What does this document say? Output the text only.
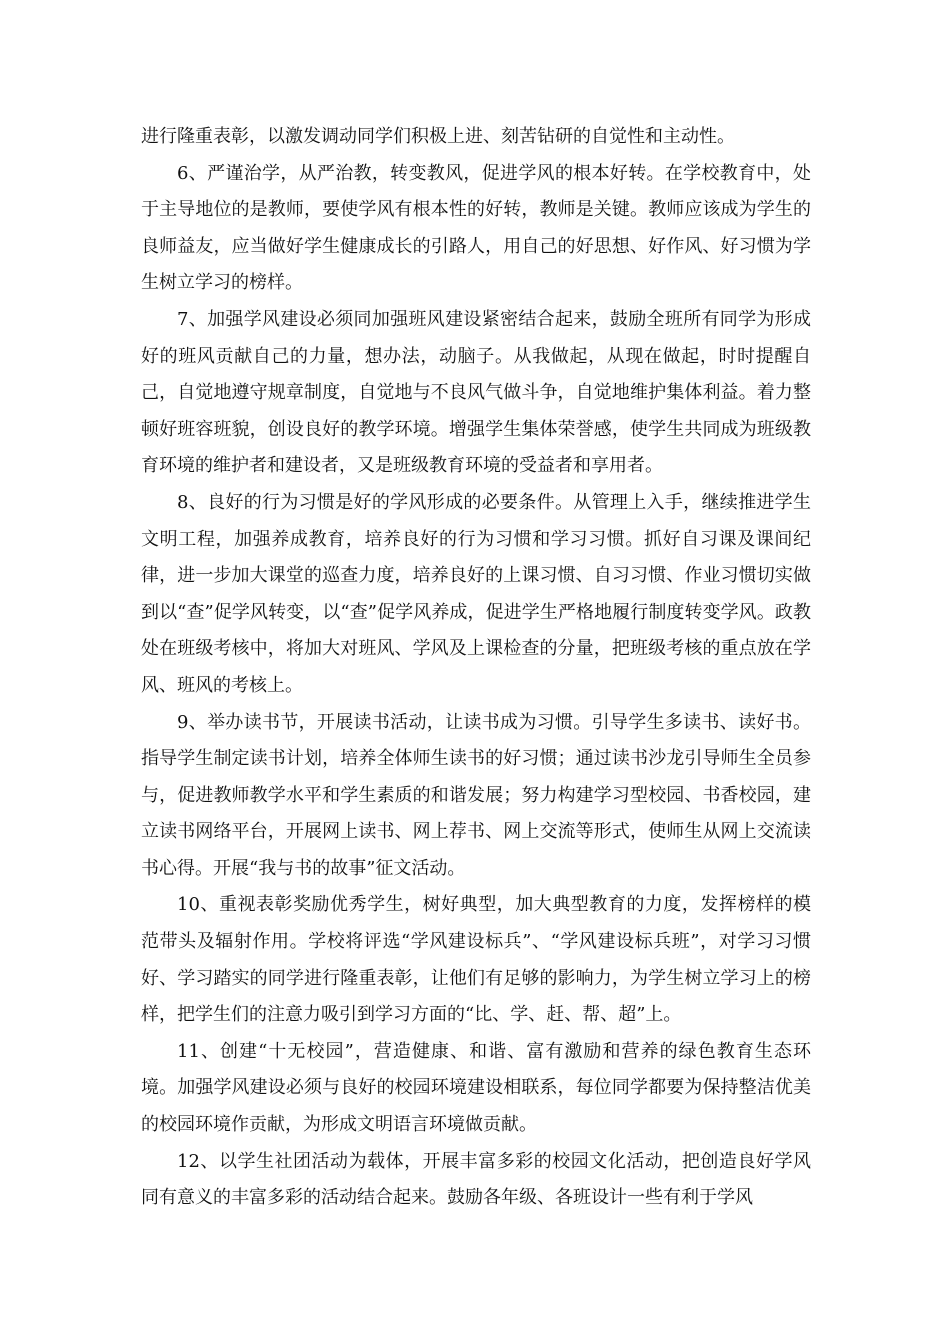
进行隆重表彰，以激发调动同学们积极上进、刻苦钻研的自觉性和主动性。

6、严谨治学，从严治教，转变教风，促进学风的根本好转。在学校教育中，处于主导地位的是教师，要使学风有根本性的好转，教师是关键。教师应该成为学生的良师益友，应当做好学生健康成长的引路人，用自己的好思想、好作风、好习惯为学生树立学习的榜样。

7、加强学风建设必须同加强班风建设紧密结合起来，鼓励全班所有同学为形成好的班风贡献自己的力量，想办法，动脑子。从我做起，从现在做起，时时提醒自己，自觉地遵守规章制度，自觉地与不良风气做斗争，自觉地维护集体利益。着力整顿好班容班貌，创设良好的教学环境。增强学生集体荣誉感，使学生共同成为班级教育环境的维护者和建设者，又是班级教育环境的受益者和享用者。

8、良好的行为习惯是好的学风形成的必要条件。从管理上入手，继续推进学生文明工程，加强养成教育，培养良好的行为习惯和学习习惯。抓好自习课及课间纪律，进一步加大课堂的巡查力度，培养良好的上课习惯、自习习惯、作业习惯切实做到以“查”促学风转变，以“查”促学风养成，促进学生严格地履行制度转变学风。政教处在班级考核中，将加大对班风、学风及上课检查的分量，把班级考核的重点放在学风、班风的考核上。

9、举办读书节，开展读书活动，让读书成为习惯。引导学生多读书、读好书。指导学生制定读书计划，培养全体师生读书的好习惯；通过读书沙龙引导师生全员参与，促进教师教学水平和学生素质的和谐发展；努力构建学习型校园、书香校园，建立读书网络平台，开展网上读书、网上荐书、网上交流等形式，使师生从网上交流读书心得。开展“我与书的故事”征文活动。

10、重视表彰奖励优秀学生，树好典型，加大典型教育的力度，发挥榜样的模范带头及辐射作用。学校将评选“学风建设标兵”、“学风建设标兵班”，对学习习惯好、学习踏实的同学进行隆重表彰，让他们有足够的影响力，为学生树立学习上的榜样，把学生们的注意力吸引到学习方面的“比、学、赶、帮、超”上。

11、创建“十无校园”，营造健康、和谐、富有激励和营养的绿色教育生态环境。加强学风建设必须与良好的校园环境建设相联系，每位同学都要为保持整洁优美的校园环境作贡献，为形成文明语言环境做贡献。

12、以学生社团活动为载体，开展丰富多彩的校园文化活动，把创造良好学风同有意义的丰富多彩的活动结合起来。鼓励各年级、各班设计一些有利于学风
